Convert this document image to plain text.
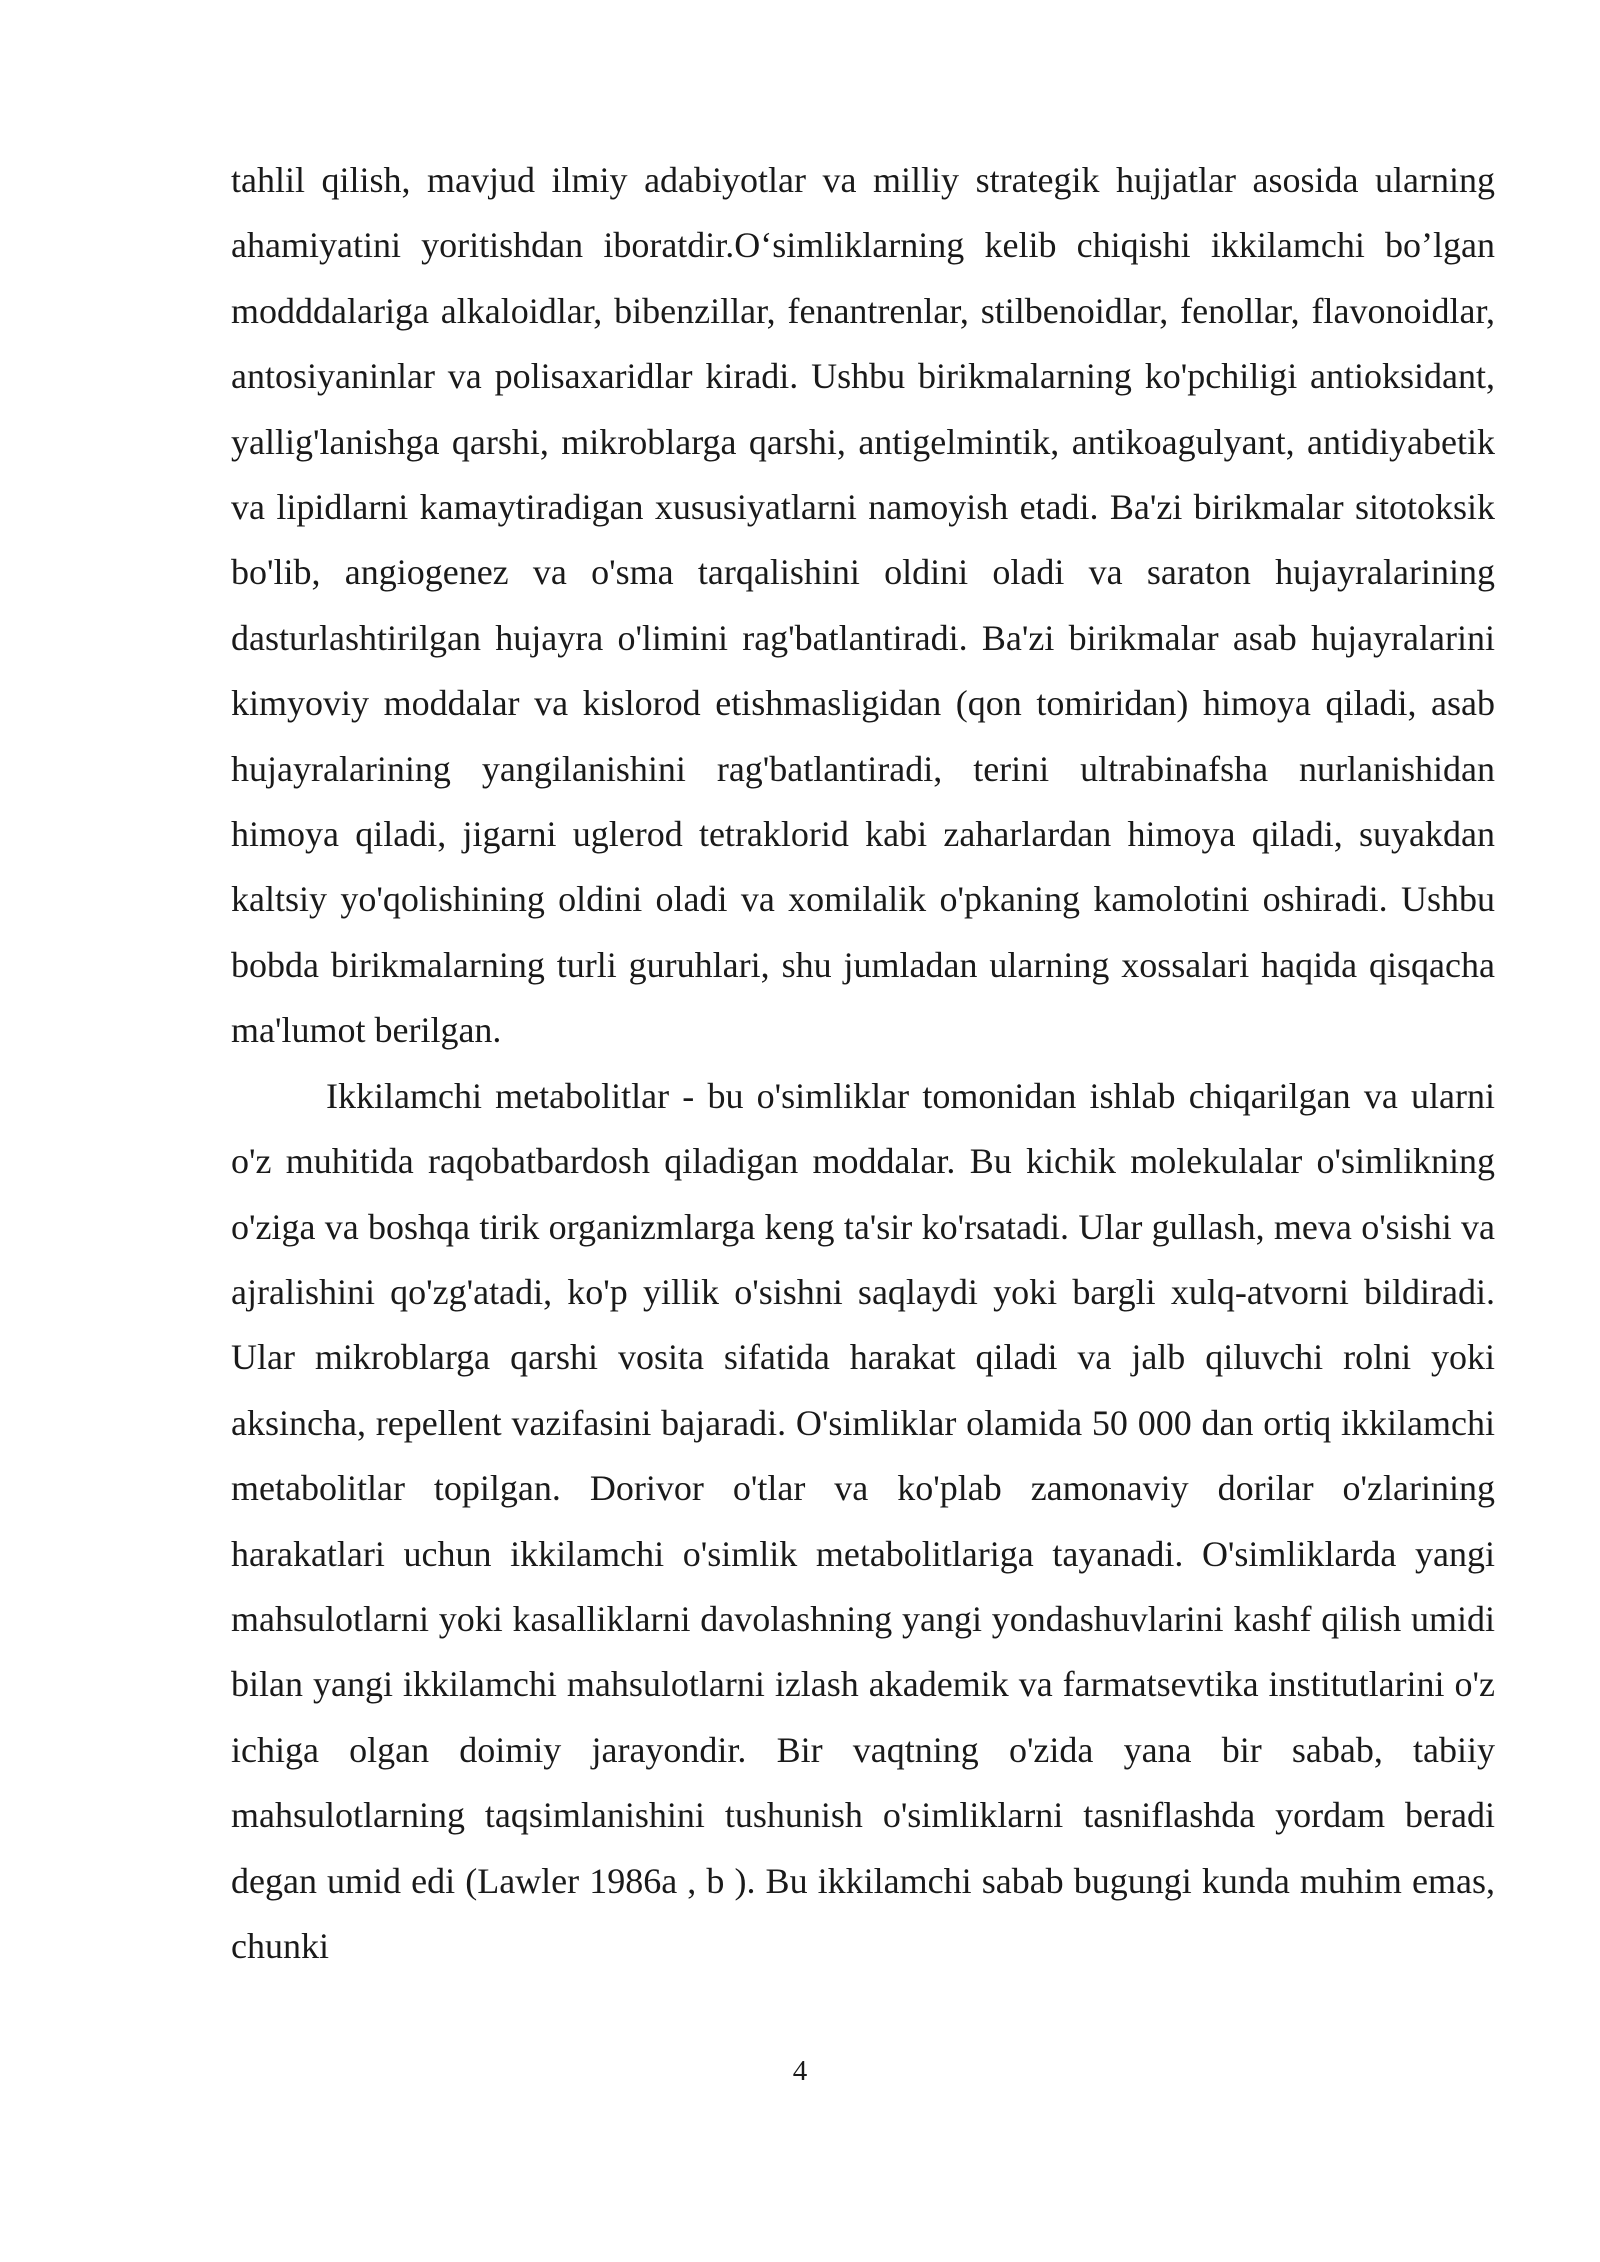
tahlil qilish, mavjud ilmiy adabiyotlar va milliy strategik hujjatlar asosida ularning ahamiyatini yoritishdan iboratdir.O‘simliklarning kelib chiqishi ikkilamchi bo’lgan modddalariga alkaloidlar, bibenzillar, fenantrenlar, stilbenoidlar, fenollar, flavonoidlar, antosiyaninlar va polisaxaridlar kiradi. Ushbu birikmalarning ko'pchiligi antioksidant, yallig'lanishga qarshi, mikroblarga qarshi, antigelmintik, antikoagulyant, antidiyabetik va lipidlarni kamaytiradigan xususiyatlarni namoyish etadi. Ba'zi birikmalar sitotoksik bo'lib, angiogenez va o'sma tarqalishini oldini oladi va saraton hujayralarining dasturlashtirilgan hujayra o'limini rag'batlantiradi. Ba'zi birikmalar asab hujayralarini kimyoviy moddalar va kislorod etishmasligidan (qon tomiridan) himoya qiladi, asab hujayralarining yangilanishini rag'batlantiradi, terini ultrabinafsha nurlanishidan himoya qiladi, jigarni uglerod tetraklorid kabi zaharlardan himoya qiladi, suyakdan kaltsiy yo'qolishining oldini oladi va xomilalik o'pkaning kamolotini oshiradi. Ushbu bobda birikmalarning turli guruhlari, shu jumladan ularning xossalari haqida qisqacha ma'lumot berilgan.

Ikkilamchi metabolitlar - bu o'simliklar tomonidan ishlab chiqarilgan va ularni o'z muhitida raqobatbardosh qiladigan moddalar. Bu kichik molekulalar o'simlikning o'ziga va boshqa tirik organizmlarga keng ta'sir ko'rsatadi. Ular gullash, meva o'sishi va ajralishini qo'zg'atadi, ko'p yillik o'sishni saqlaydi yoki bargli xulq-atvorni bildiradi. Ular mikroblarga qarshi vosita sifatida harakat qiladi va jalb qiluvchi rolni yoki aksincha, repellent vazifasini bajaradi. O'simliklar olamida 50 000 dan ortiq ikkilamchi metabolitlar topilgan. Dorivor o'tlar va ko'plab zamonaviy dorilar o'zlarining harakatlari uchun ikkilamchi o'simlik metabolitlariga tayanadi. O'simliklarda yangi mahsulotlarni yoki kasalliklarni davolashning yangi yondashuvlarini kashf qilish umidi bilan yangi ikkilamchi mahsulotlarni izlash akademik va farmatsevtika institutlarini o'z ichiga olgan doimiy jarayondir. Bir vaqtning o'zida yana bir sabab, tabiiy mahsulotlarning taqsimlanishini tushunish o'simliklarni tasniflashda yordam beradi degan umid edi (Lawler 1986a , b ). Bu ikkilamchi sabab bugungi kunda muhim emas, chunki

4
